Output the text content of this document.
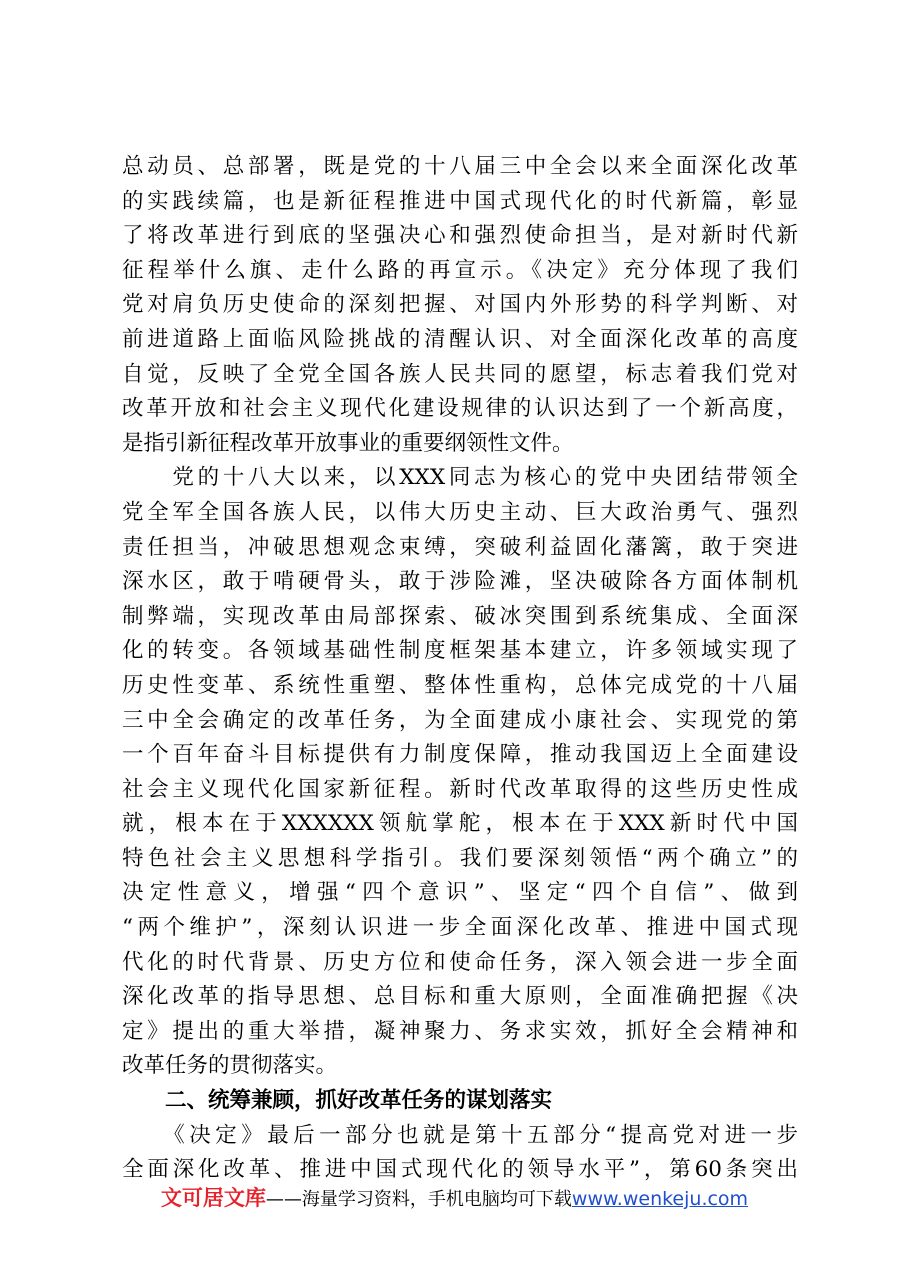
总动员、总部署，既是党的十八届三中全会以来全面深化改革
的实践续篇，也是新征程推进中国式现代化的时代新篇，彰显
了将改革进行到底的坚强决心和强烈使命担当，是对新时代新
征程举什么旗、走什么路的再宣示。《决定》充分体现了我们
党对肩负历史使命的深刻把握、对国内外形势的科学判断、对
前进道路上面临风险挑战的清醒认识、对全面深化改革的高度
自觉，反映了全党全国各族人民共同的愿望，标志着我们党对
改革开放和社会主义现代化建设规律的认识达到了一个新高度，
是指引新征程改革开放事业的重要纲领性文件。
　　党的十八大以来，以XXX同志为核心的党中央团结带领全
党全军全国各族人民，以伟大历史主动、巨大政治勇气、强烈
责任担当，冲破思想观念束缚，突破利益固化藩篱，敢于突进
深水区，敢于啃硬骨头，敢于涉险滩，坚决破除各方面体制机
制弊端，实现改革由局部探索、破冰突围到系统集成、全面深
化的转变。各领域基础性制度框架基本建立，许多领域实现了
历史性变革、系统性重塑、整体性重构，总体完成党的十八届
三中全会确定的改革任务，为全面建成小康社会、实现党的第
一个百年奋斗目标提供有力制度保障，推动我国迈上全面建设
社会主义现代化国家新征程。新时代改革取得的这些历史性成
就，根本在于XXXXXX领航掌舵，根本在于XXX新时代中国
特色社会主义思想科学指引。我们要深刻领悟“两个确立”的
决定性意义，增强“四个意识”、坚定“四个自信”、做到
“两个维护”，深刻认识进一步全面深化改革、推进中国式现
代化的时代背景、历史方位和使命任务，深入领会进一步全面
深化改革的指导思想、总目标和重大原则，全面准确把握《决
定》提出的重大举措，凝神聚力、务求实效，抓好全会精神和
改革任务的贯彻落实。
　　二、统筹兼顾，抓好改革任务的谋划落实
　　《决定》最后一部分也就是第十五部分“提高党对进一步
全面深化改革、推进中国式现代化的领导水平”，第60条突出
文可居文库——海量学习资料，手机电脑均可下载www.wenkeju.com
